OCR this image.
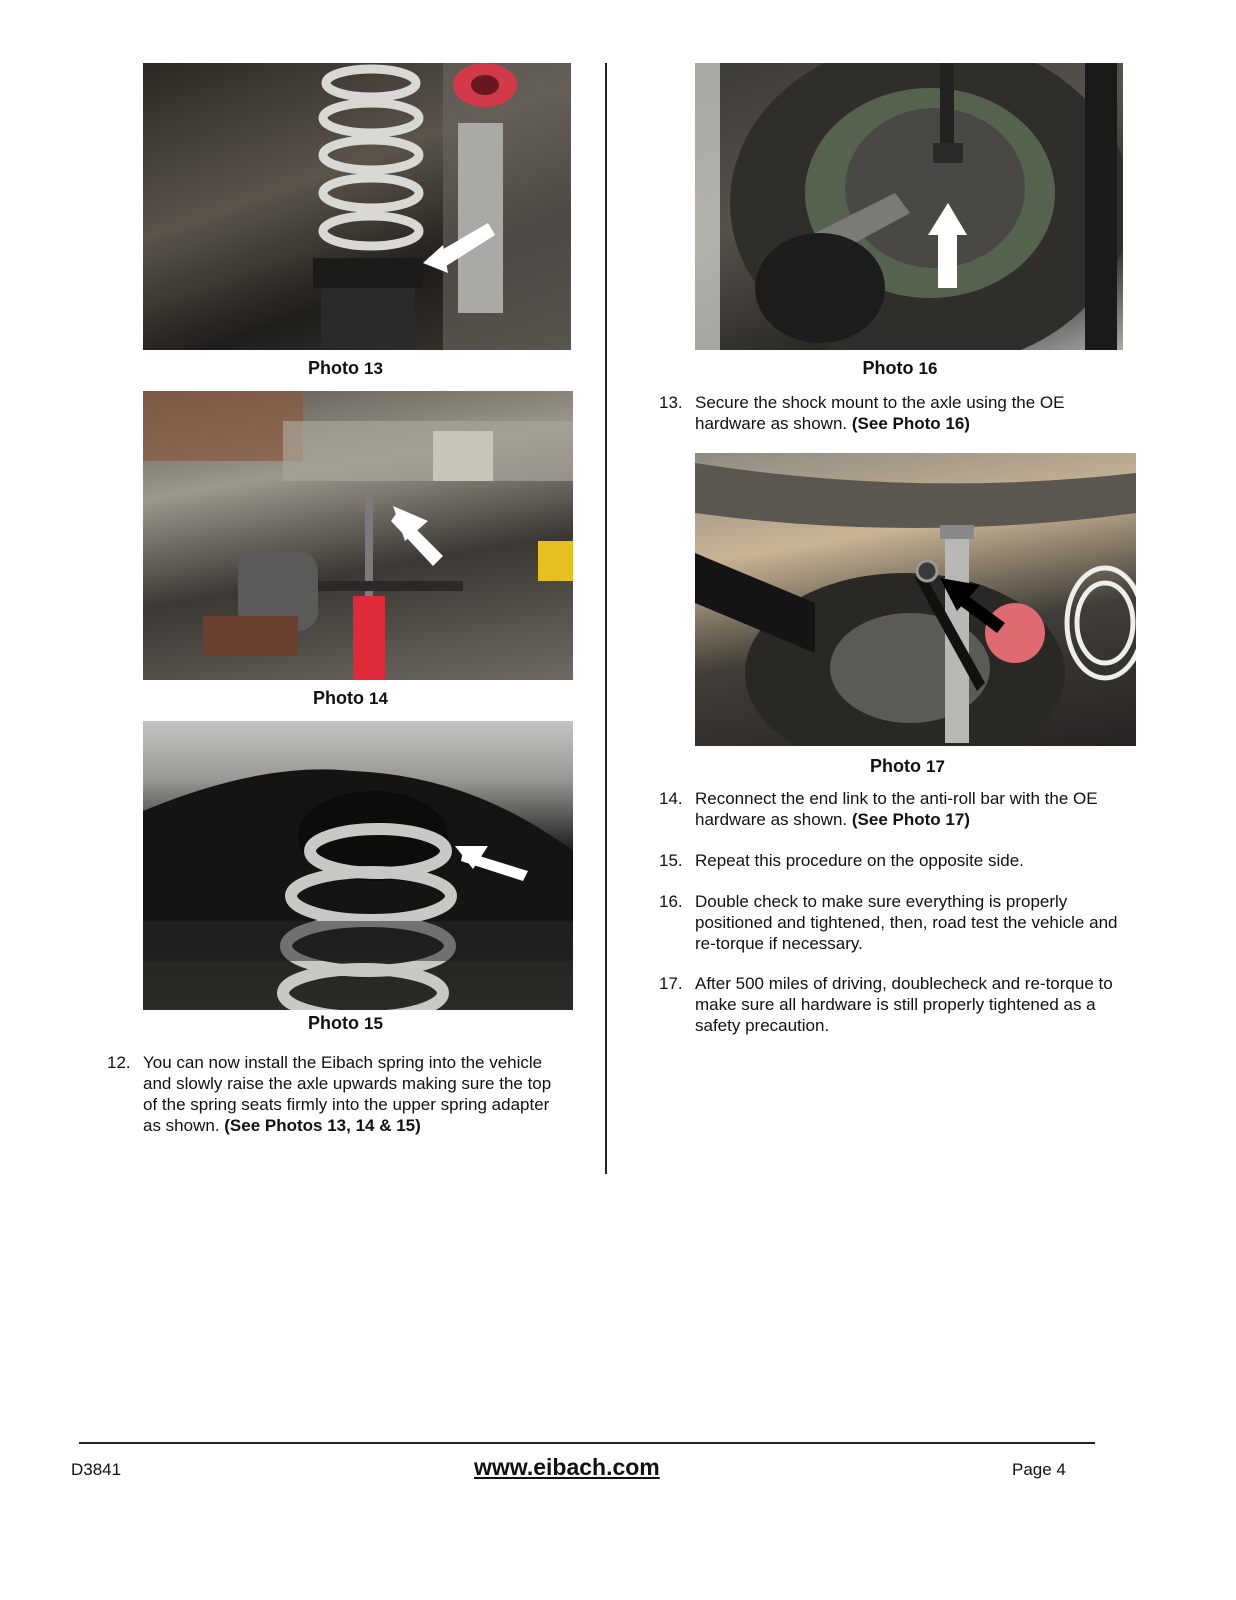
Photo 13
Photo 14
Photo 15
12. You can now install the Eibach spring into the vehicle
and slowly raise the axle upwards making sure the top
of the spring seats firmly into the upper spring adapter
as shown. (See Photos 13, 14 & 15)
Photo 16
13. Secure the shock mount to the axle using the OE
hardware as shown. (See Photo 16)
Photo 17
14. Reconnect the end link to the anti-roll bar with the OE
hardware as shown. (See Photo 17)
15. Repeat this procedure on the opposite side.
16. Double check to make sure everything is properly
positioned and tightened, then, road test the vehicle and
re-torque if necessary.
17. After 500 miles of driving, doublecheck and re-torque to
make sure all hardware is still properly tightened as a
safety precaution.
D3841	www.eibach.com	Page 4
